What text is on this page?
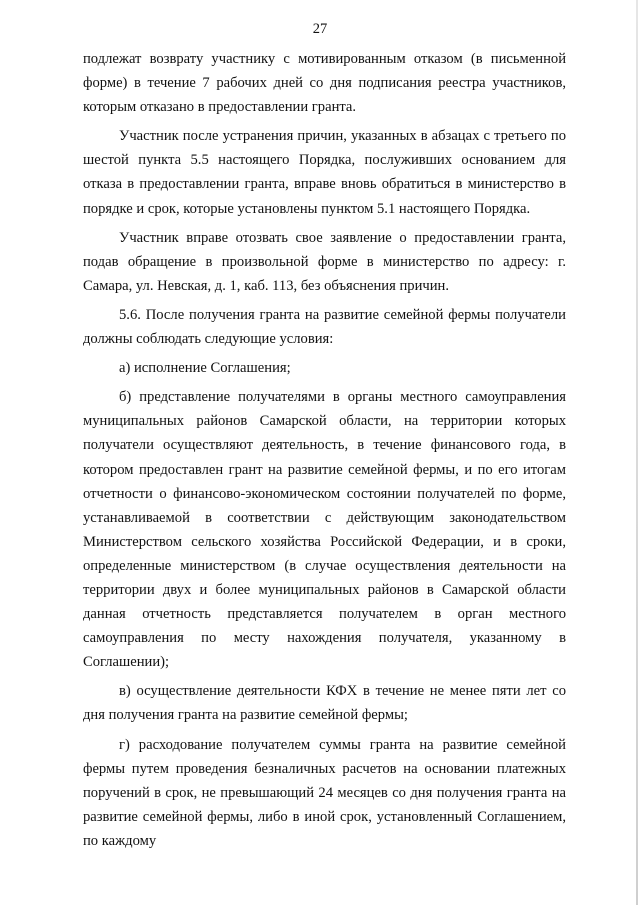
27

подлежат возврату участнику с мотивированным отказом (в письменной форме) в течение 7 рабочих дней со дня подписания реестра участников, которым отказано в предоставлении гранта.

Участник после устранения причин, указанных в абзацах с третьего по шестой пункта 5.5 настоящего Порядка, послуживших основанием для отказа в предоставлении гранта, вправе вновь обратиться в министерство в порядке и срок, которые установлены пунктом 5.1 настоящего Порядка.

Участник вправе отозвать свое заявление о предоставлении гранта, подав обращение в произвольной форме в министерство по адресу: г. Самара, ул. Невская, д. 1, каб. 113, без объяснения причин.

5.6. После получения гранта на развитие семейной фермы получатели должны соблюдать следующие условия:

а) исполнение Соглашения;

б) представление получателями в органы местного самоуправления муниципальных районов Самарской области, на территории которых получатели осуществляют деятельность, в течение финансового года, в котором предоставлен грант на развитие семейной фермы, и по его итогам отчетности о финансово-экономическом состоянии получателей по форме, устанавливаемой в соответствии с действующим законодательством Министерством сельского хозяйства Российской Федерации, и в сроки, определенные министерством (в случае осуществления деятельности на территории двух и более муниципальных районов в Самарской области данная отчетность представляется получателем в орган местного самоуправления по месту нахождения получателя, указанному в Соглашении);

в) осуществление деятельности КФХ в течение не менее пяти лет со дня получения гранта на развитие семейной фермы;

г) расходование получателем суммы гранта на развитие семейной фермы путем проведения безналичных расчетов на основании платежных поручений в срок, не превышающий 24 месяцев со дня получения гранта на развитие семейной фермы, либо в иной срок, установленный Соглашением, по каждому
